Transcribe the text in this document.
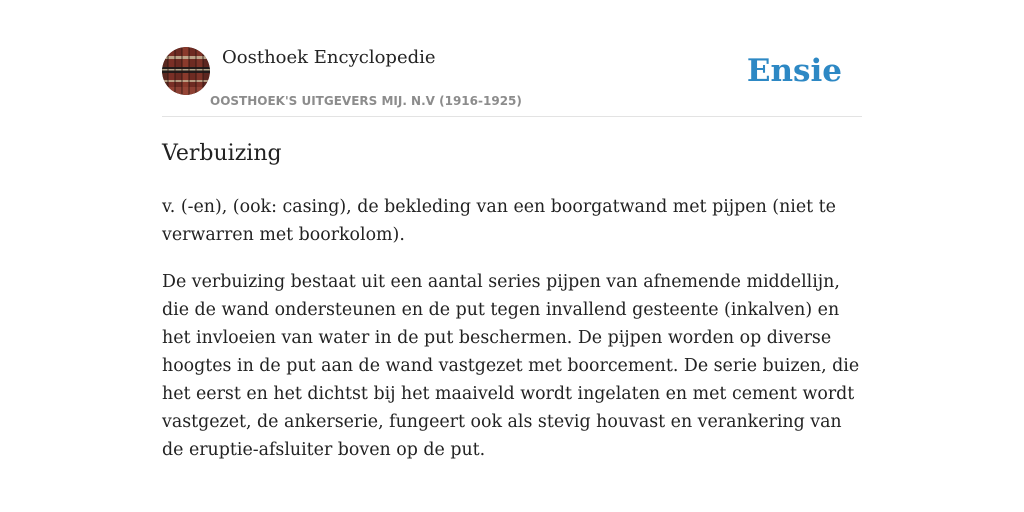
Oosthoek Encyclopedie
OOSTHOEK'S UITGEVERS MIJ. N.V (1916-1925)
Ensie
Verbuizing

v. (-en), (ook: casing), de bekleding van een boorgatwand met pijpen (niet te verwarren met boorkolom).

De verbuizing bestaat uit een aantal series pijpen van afnemende middellijn, die de wand ondersteunen en de put tegen invallend gesteente (inkalven) en het invloeien van water in de put beschermen. De pijpen worden op diverse hoogtes in de put aan de wand vastgezet met boorcement. De serie buizen, die het eerst en het dichtst bij het maaiveld wordt ingelaten en met cement wordt vastgezet, de ankerserie, fungeert ook als stevig houvast en verankering van de eruptie-afsluiter boven op de put.
